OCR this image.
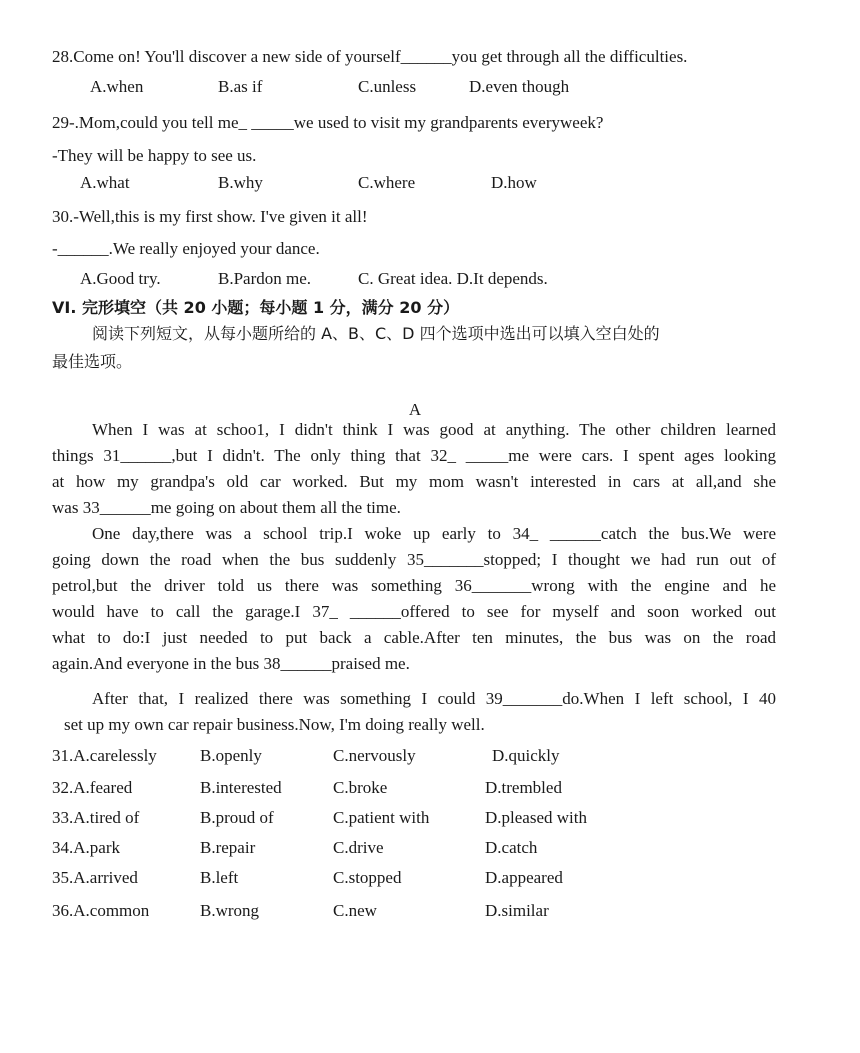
28.Come on! You'll discover a new side of yourself______you get through all the difficulties.
A.when	B.as if	C.unless	D.even though
29-.Mom,could you tell me_ _____we used to visit my grandparents everyweek?
-They will be happy to see us.
A.what	B.why	C.where	D.how
30.-Well,this is my first show. I've given it all!
-______.We really enjoyed your dance.
A.Good try.	B.Pardon me.	C. Great idea. D.It depends.
VI. 完形填空（共 20 小题；每小题 1 分，满分 20 分）
阅读下列短文，从每小题所给的 A、B、C、D 四个选项中选出可以填入空白处的
最佳选项。
A
When I was at schoo1, I didn't think I was good at anything. The other children learned
things 31______,but I didn't. The only thing that 32_ _____me were cars. I spent ages looking
at how my grandpa's old car worked. But my mom wasn't interested in cars at all,and she
was 33______me going on about them all the time.
One day,there was a school trip.I woke up early to 34_ ______catch the bus.We were
going down the road when the bus suddenly 35_______stopped; I thought we had run out of
petrol,but the driver told us there was something 36_______wrong with the engine and he
would have to call the garage.I 37_ ______offered to see for myself and soon worked out
what to do:I just needed to put back a cable.After ten minutes, the bus was on the road
again.And everyone in the bus 38______praised me.
After that, I realized there was something I could 39_______do.When I left school, I 40
set up my own car repair business.Now, I'm doing really well.
31.A.carelessly	B.openly	C.nervously	D.quickly
32.A.feared	B.interested	C.broke	D.trembled
33.A.tired of	B.proud of	C.patient with	D.pleased with
34.A.park	B.repair	C.drive	D.catch
35.A.arrived	B.left	C.stopped	D.appeared
36.A.common	B.wrong	C.new	D.similar
